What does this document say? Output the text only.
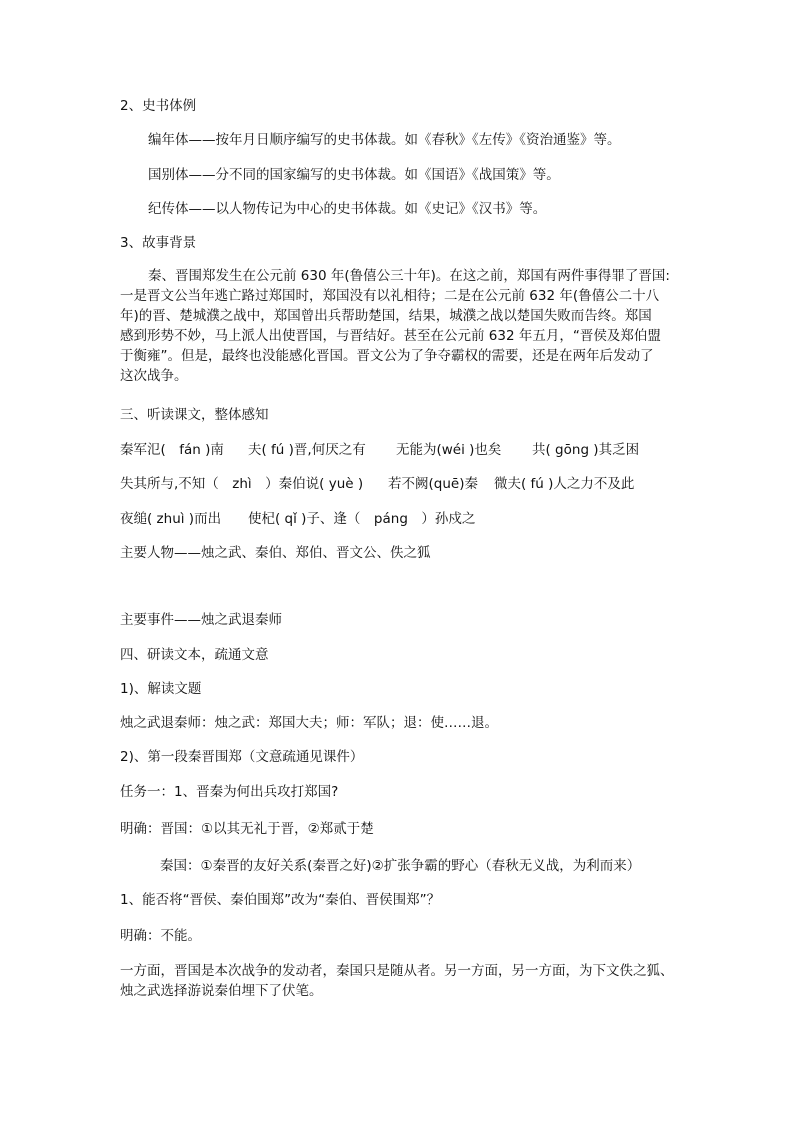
2、史书体例
编年体——按年月日顺序编写的史书体裁。如《春秋》《左传》《资治通鉴》等。
国别体——分不同的国家编写的史书体裁。如《国语》《战国策》等。
纪传体——以人物传记为中心的史书体裁。如《史记》《汉书》等。
3、故事背景

秦、晋围郑发生在公元前 630 年(鲁僖公三十年)。在这之前，郑国有两件事得罪了晋国:

一是晋文公当年逃亡路过郑国时，郑国没有以礼相待；二是在公元前 632 年(鲁僖公二十八

年)的晋、楚城濮之战中，郑国曾出兵帮助楚国，结果，城濮之战以楚国失败而告终。郑国

感到形势不妙，马上派人出使晋国，与晋结好。甚至在公元前 632 年五月，“晋侯及郑伯盟

于衡雍”。但是，最终也没能感化晋国。晋文公为了争夺霸权的需要，还是在两年后发动了

这次战争。

三、听读课文，整体感知
秦军氾(　fán )南 夫( fú )晋,何厌之有 无能为(wéi )也矣 共( gōng )其乏困
失其所与,不知（　zhì　）秦伯说( yuè ) 若不阙(quē)秦 微夫( fú )人之力不及此
夜缒( zhuì )而出 使杞( qǐ )子、逢（　páng　）孙戍之
主要人物——烛之武、秦伯、郑伯、晋文公、佚之狐
主要事件——烛之武退秦师
四、研读文本，疏通文意
1)、解读文题
烛之武退秦师：烛之武：郑国大夫；师：军队；退：使……退。
2)、第一段秦晋围郑（文意疏通见课件）
任务一：1、晋秦为何出兵攻打郑国?
明确：晋国：①以其无礼于晋，②郑贰于楚
秦国：①秦晋的友好关系(秦晋之好)②扩张争霸的野心（春秋无义战，为利而来）
1、能否将“晋侯、秦伯围郑”改为“秦伯、晋侯围郑”？
明确：不能。

一方面，晋国是本次战争的发动者，秦国只是随从者。另一方面，另一方面，为下文佚之狐、

烛之武选择游说秦伯埋下了伏笔。
